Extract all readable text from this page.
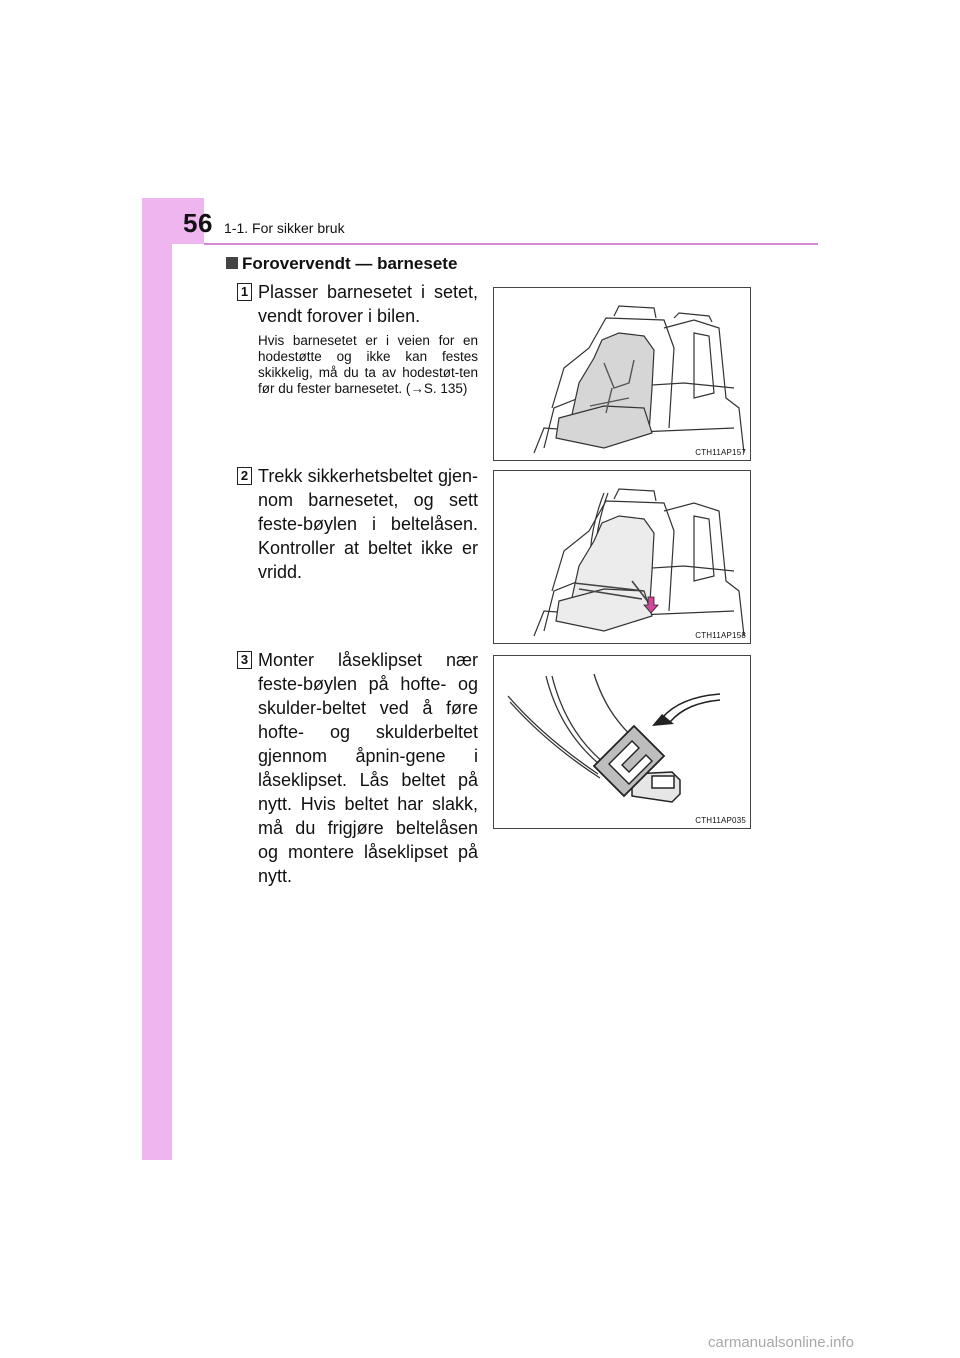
56 1-1. For sikker bruk
Forovervendt — barnesete
1 Plasser barnesetet i setet, vendt forover i bilen.
Hvis barnesetet er i veien for en hodestøtte og ikke kan festes skikkelig, må du ta av hodestøt-ten før du fester barnesetet. (→S. 135)
CTH11AP157
2 Trekk sikkerhetsbeltet gjen-nom barnesetet, og sett feste-bøylen i beltelåsen. Kontroller at beltet ikke er vridd.
CTH11AP158
3 Monter låseklipset nær feste-bøylen på hofte- og skulder-beltet ved å føre hofte- og skulderbeltet gjennom åpnin-gene i låseklipset. Lås beltet på nytt. Hvis beltet har slakk, må du frigjøre beltelåsen og montere låseklipset på nytt.
CTH11AP035
carmanualsonline.info
